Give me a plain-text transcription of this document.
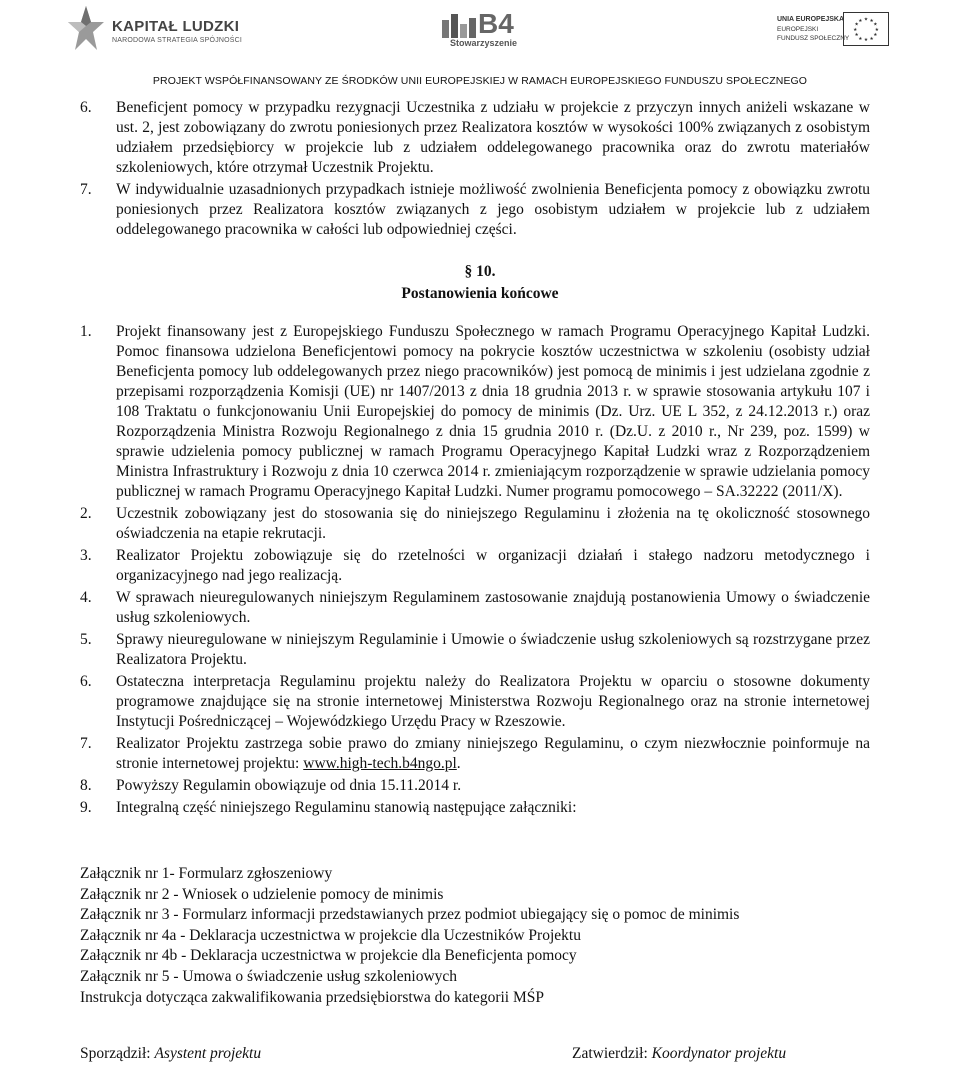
KAPITAŁ LUDZKI
NARODOWA STRATEGIA SPÓJNOŚCI
B4
Stowarzyszenie
UNIA EUROPEJSKA
EUROPEJSKI
FUNDUSZ SPOŁECZNY
★ ★
★
★
★
★
★
★
★
★
★
★
PROJEKT WSPÓŁFINANSOWANY ZE ŚRODKÓW UNII EUROPEJSKIEJ W RAMACH EUROPEJSKIEGO FUNDUSZU SPOŁECZNEGO
6. Beneficjent pomocy w przypadku rezygnacji Uczestnika z udziału w projekcie z przyczyn innych aniżeli wskazane w ust. 2, jest zobowiązany do zwrotu poniesionych przez Realizatora kosztów w wysokości 100% związanych z osobistym udziałem przedsiębiorcy w projekcie lub z udziałem oddelegowanego pracownika oraz do zwrotu materiałów szkoleniowych, które otrzymał Uczestnik Projektu.

7. W indywidualnie uzasadnionych przypadkach istnieje możliwość zwolnienia Beneficjenta pomocy z obowiązku zwrotu poniesionych przez Realizatora kosztów związanych z jego osobistym udziałem w projekcie lub z udziałem oddelegowanego pracownika w całości lub odpowiedniej części.

§ 10.
Postanowienia końcowe
1. Projekt finansowany jest z Europejskiego Funduszu Społecznego w ramach Programu Operacyjnego Kapitał Ludzki. Pomoc finansowa udzielona Beneficjentowi pomocy na pokrycie kosztów uczestnictwa w szkoleniu (osobisty udział Beneficjenta pomocy lub oddelegowanych przez niego pracowników) jest pomocą de minimis i jest udzielana zgodnie z przepisami rozporządzenia Komisji (UE) nr 1407/2013 z dnia 18 grudnia 2013 r. w sprawie stosowania artykułu 107 i 108 Traktatu o funkcjonowaniu Unii Europejskiej do pomocy de minimis (Dz. Urz. UE L 352, z 24.12.2013 r.) oraz Rozporządzenia Ministra Rozwoju Regionalnego z dnia 15 grudnia 2010 r. (Dz.U. z 2010 r., Nr 239, poz. 1599) w sprawie udzielenia pomocy publicznej w ramach Programu Operacyjnego Kapitał Ludzki wraz z Rozporządzeniem Ministra Infrastruktury i Rozwoju z dnia 10 czerwca 2014 r. zmieniającym rozporządzenie w sprawie udzielania pomocy publicznej w ramach Programu Operacyjnego Kapitał Ludzki. Numer programu pomocowego – SA.32222 (2011/X).

2. Uczestnik zobowiązany jest do stosowania się do niniejszego Regulaminu i złożenia na tę okoliczność stosownego oświadczenia na etapie rekrutacji.

3. Realizator Projektu zobowiązuje się do rzetelności w organizacji działań i stałego nadzoru metodycznego i organizacyjnego nad jego realizacją.

4. W sprawach nieuregulowanych niniejszym Regulaminem zastosowanie znajdują postanowienia Umowy o świadczenie usług szkoleniowych.

5. Sprawy nieuregulowane w niniejszym Regulaminie i Umowie o świadczenie usług szkoleniowych są rozstrzygane przez Realizatora Projektu.

6. Ostateczna interpretacja Regulaminu projektu należy do Realizatora Projektu w oparciu o stosowne dokumenty programowe znajdujące się na stronie internetowej Ministerstwa Rozwoju Regionalnego oraz na stronie internetowej Instytucji Pośredniczącej – Wojewódzkiego Urzędu Pracy w Rzeszowie.

7. Realizator Projektu zastrzega sobie prawo do zmiany niniejszego Regulaminu, o czym niezwłocznie poinformuje na stronie internetowej projektu: www.high-tech.b4ngo.pl.

8. Powyższy Regulamin obowiązuje od dnia 15.11.2014 r.

9. Integralną część niniejszego Regulaminu stanowią następujące załączniki:

Załącznik nr 1- Formularz zgłoszeniowy
Załącznik nr 2 - Wniosek o udzielenie pomocy de minimis
Załącznik nr 3 - Formularz informacji przedstawianych przez podmiot ubiegający się o pomoc de minimis
Załącznik nr 4a - Deklaracja uczestnictwa w projekcie dla Uczestników Projektu
Załącznik nr 4b - Deklaracja uczestnictwa w projekcie dla Beneficjenta pomocy
Załącznik nr 5 - Umowa o świadczenie usług szkoleniowych
Instrukcja dotycząca zakwalifikowania przedsiębiorstwa do kategorii MŚP
Sporządził: Asystent projektu	Zatwierdził: Koordynator projektu
